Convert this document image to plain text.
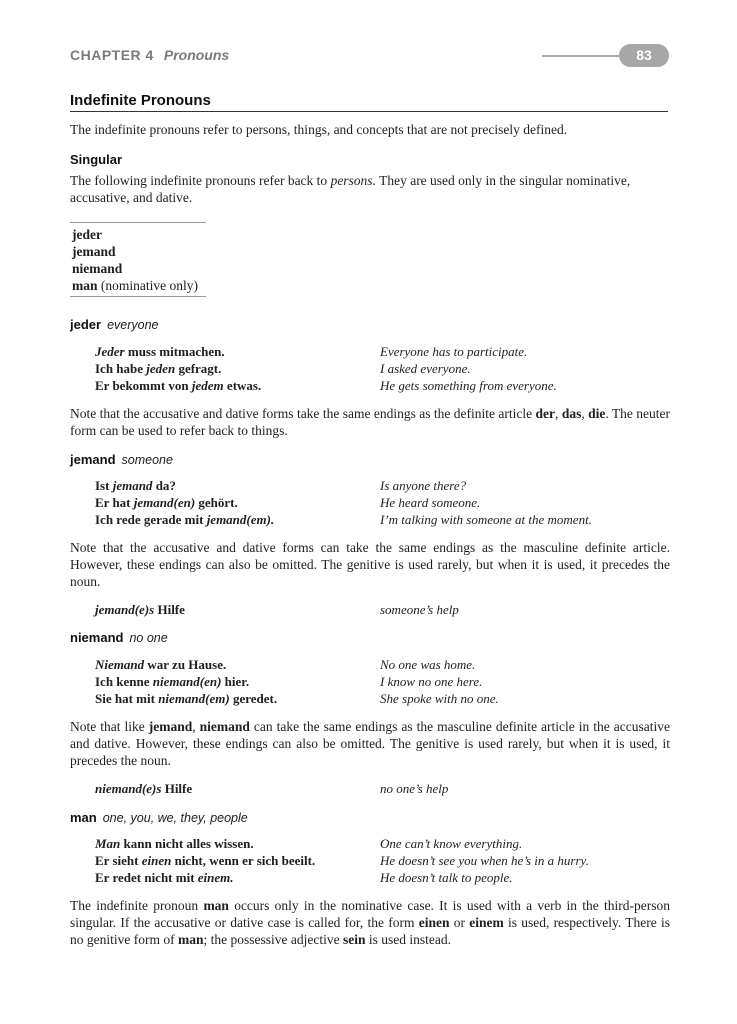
CHAPTER 4 Pronouns	83
Indefinite Pronouns
The indefinite pronouns refer to persons, things, and concepts that are not precisely defined.
Singular
The following indefinite pronouns refer back to persons. They are used only in the singular nominative, accusative, and dative.
jeder
jemand
niemand
man (nominative only)
jeder everyone
Jeder muss mitmachen.	Everyone has to participate.
Ich habe jeden gefragt.	I asked everyone.
Er bekommt von jedem etwas.	He gets something from everyone.
Note that the accusative and dative forms take the same endings as the definite article der, das, die. The neuter form can be used to refer back to things.
jemand someone
Ist jemand da?	Is anyone there?
Er hat jemand(en) gehört.	He heard someone.
Ich rede gerade mit jemand(em).	I’m talking with someone at the moment.
Note that the accusative and dative forms can take the same endings as the masculine definite article. However, these endings can also be omitted. The genitive is used rarely, but when it is used, it precedes the noun.
jemand(e)s Hilfe	someone’s help
niemand no one
Niemand war zu Hause.	No one was home.
Ich kenne niemand(en) hier.	I know no one here.
Sie hat mit niemand(em) geredet.	She spoke with no one.
Note that like jemand, niemand can take the same endings as the masculine definite article in the accusative and dative. However, these endings can also be omitted. The genitive is used rarely, but when it is used, it precedes the noun.
niemand(e)s Hilfe	no one’s help
man one, you, we, they, people
Man kann nicht alles wissen.	One can’t know everything.
Er sieht einen nicht, wenn er sich beeilt.	He doesn’t see you when he’s in a hurry.
Er redet nicht mit einem.	He doesn’t talk to people.
The indefinite pronoun man occurs only in the nominative case. It is used with a verb in the third-person singular. If the accusative or dative case is called for, the form einen or einem is used, respectively. There is no genitive form of man; the possessive adjective sein is used instead.
